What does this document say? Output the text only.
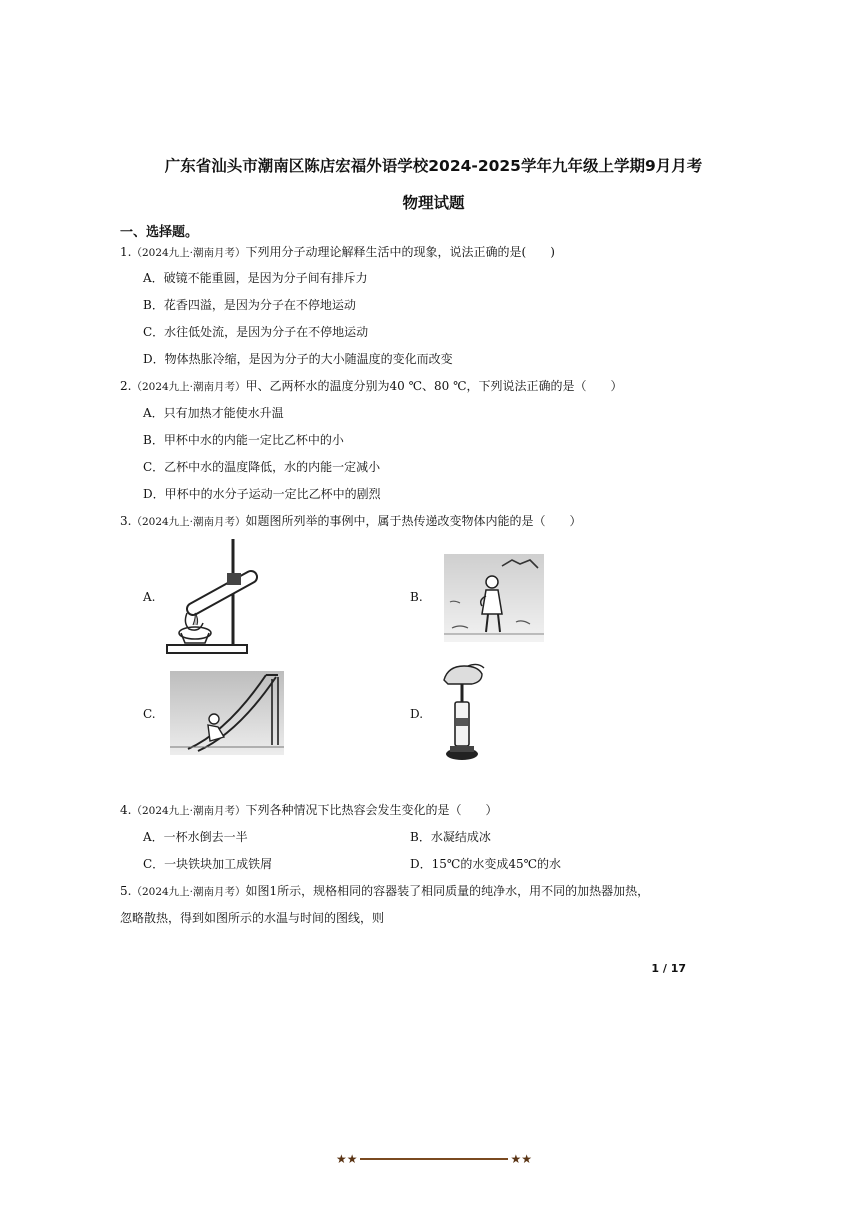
广东省汕头市潮南区陈店宏福外语学校2024-2025学年九年级上学期9月月考
物理试题
一、选择题。
1.（2024九上·潮南月考）下列用分子动理论解释生活中的现象，说法正确的是(　　)
A．破镜不能重圆，是因为分子间有排斥力
B．花香四溢，是因为分子在不停地运动
C．水往低处流，是因为分子在不停地运动
D．物体热胀冷缩，是因为分子的大小随温度的变化而改变
2.（2024九上·潮南月考）甲、乙两杯水的温度分别为40 ℃、80 ℃，下列说法正确的是（　　）
A．只有加热才能使水升温
B．甲杯中水的内能一定比乙杯中的小
C．乙杯中水的温度降低，水的内能一定减小
D．甲杯中的水分子运动一定比乙杯中的剧烈
3.（2024九上·潮南月考）如题图所列举的事例中，属于热传递改变物体内能的是（　　）
A.	B.
C.	D.
4.（2024九上·潮南月考）下列各种情况下比热容会发生变化的是（　　）
A．一杯水倒去一半	B．水凝结成冰
C．一块铁块加工成铁屑	D．15℃的水变成45℃的水
5.（2024九上·潮南月考）如图1所示，规格相同的容器装了相同质量的纯净水，用不同的加热器加热，
忽略散热，得到如图所示的水温与时间的图线，则
1 / 17
★★	★★
